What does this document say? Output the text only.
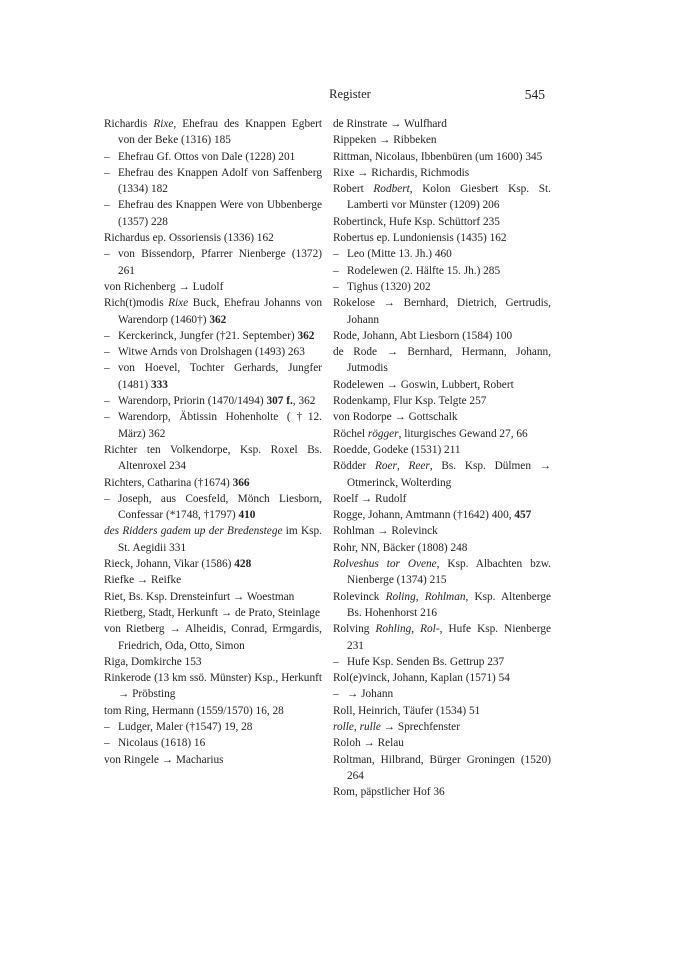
Register	545
Richardis Rixe, Ehefrau des Knappen Egbert von der Beke (1316) 185
– Ehefrau Gf. Ottos von Dale (1228) 201
– Ehefrau des Knappen Adolf von Saffenberg (1334) 182
– Ehefrau des Knappen Were von Ubbenberge (1357) 228
Richardus ep. Ossoriensis (1336) 162
– von Bissendorp, Pfarrer Nienberge (1372) 261
von Richenberg → Ludolf
Rich(t)modis Rixe Buck, Ehefrau Johanns von Warendorp (1460†) 362
– Kerckerinck, Jungfer (†21. September) 362
– Witwe Arnds von Drolshagen (1493) 263
– von Hoevel, Tochter Gerhards, Jungfer (1481) 333
– Warendorp, Priorin (1470/1494) 307 f., 362
– Warendorp, Äbtissin Hohenholte (†12. März) 362
Richter ten Volkendorpe, Ksp. Roxel Bs. Altenroxel 234
Richters, Catharina (†1674) 366
– Joseph, aus Coesfeld, Mönch Liesborn, Confessar (*1748, †1797) 410
des Ridders gadem up der Bredenstege im Ksp. St. Aegidii 331
Rieck, Johann, Vikar (1586) 428
Riefke → Reifke
Riet, Bs. Ksp. Drensteinfurt → Woestman
Rietberg, Stadt, Herkunft → de Prato, Steinlage
von Rietberg → Alheidis, Conrad, Ermgardis, Friedrich, Oda, Otto, Simon
Riga, Domkirche 153
Rinkerode (13 km ssö. Münster) Ksp., Herkunft → Pröbsting
tom Ring, Hermann (1559/1570) 16, 28
– Ludger, Maler (†1547) 19, 28
– Nicolaus (1618) 16
von Ringele → Macharius
de Rinstrate → Wulfhard
Rippeken → Ribbeken
Rittman, Nicolaus, Ibbenbüren (um 1600) 345
Rixe → Richardis, Richmodis
Robert Rodbert, Kolon Giesbert Ksp. St. Lamberti vor Münster (1209) 206
Robertinck, Hufe Ksp. Schüttorf 235
Robertus ep. Lundoniensis (1435) 162
– Leo (Mitte 13. Jh.) 460
– Rodelewen (2. Hälfte 15. Jh.) 285
– Tighus (1320) 202
Rokelose → Bernhard, Dietrich, Gertrudis, Johann
Rode, Johann, Abt Liesborn (1584) 100
de Rode → Bernhard, Hermann, Johann, Jutmodis
Rodelewen → Goswin, Lubbert, Robert
Rodenkamp, Flur Ksp. Telgte 257
von Rodorpe → Gottschalk
Röchel rögger, liturgisches Gewand 27, 66
Roedde, Godeke (1531) 211
Rödder Roer, Reer, Bs. Ksp. Dülmen → Otmerinck, Wolterding
Roelf → Rudolf
Rogge, Johann, Amtmann (†1642) 400, 457
Rohlman → Rolevinck
Rohr, NN, Bäcker (1808) 248
Rolveshus tor Ovene, Ksp. Albachten bzw. Nienberge (1374) 215
Rolevinck Roling, Rohlman, Ksp. Altenberge Bs. Hohenhorst 216
Rolving Rohling, Rol-, Hufe Ksp. Nienberge 231
– Hufe Ksp. Senden Bs. Gettrup 237
Rol(e)vinck, Johann, Kaplan (1571) 54
– → Johann
Roll, Heinrich, Täufer (1534) 51
rolle, rulle → Sprechfenster
Roloh → Relau
Roltman, Hilbrand, Bürger Groningen (1520) 264
Rom, päpstlicher Hof 36
